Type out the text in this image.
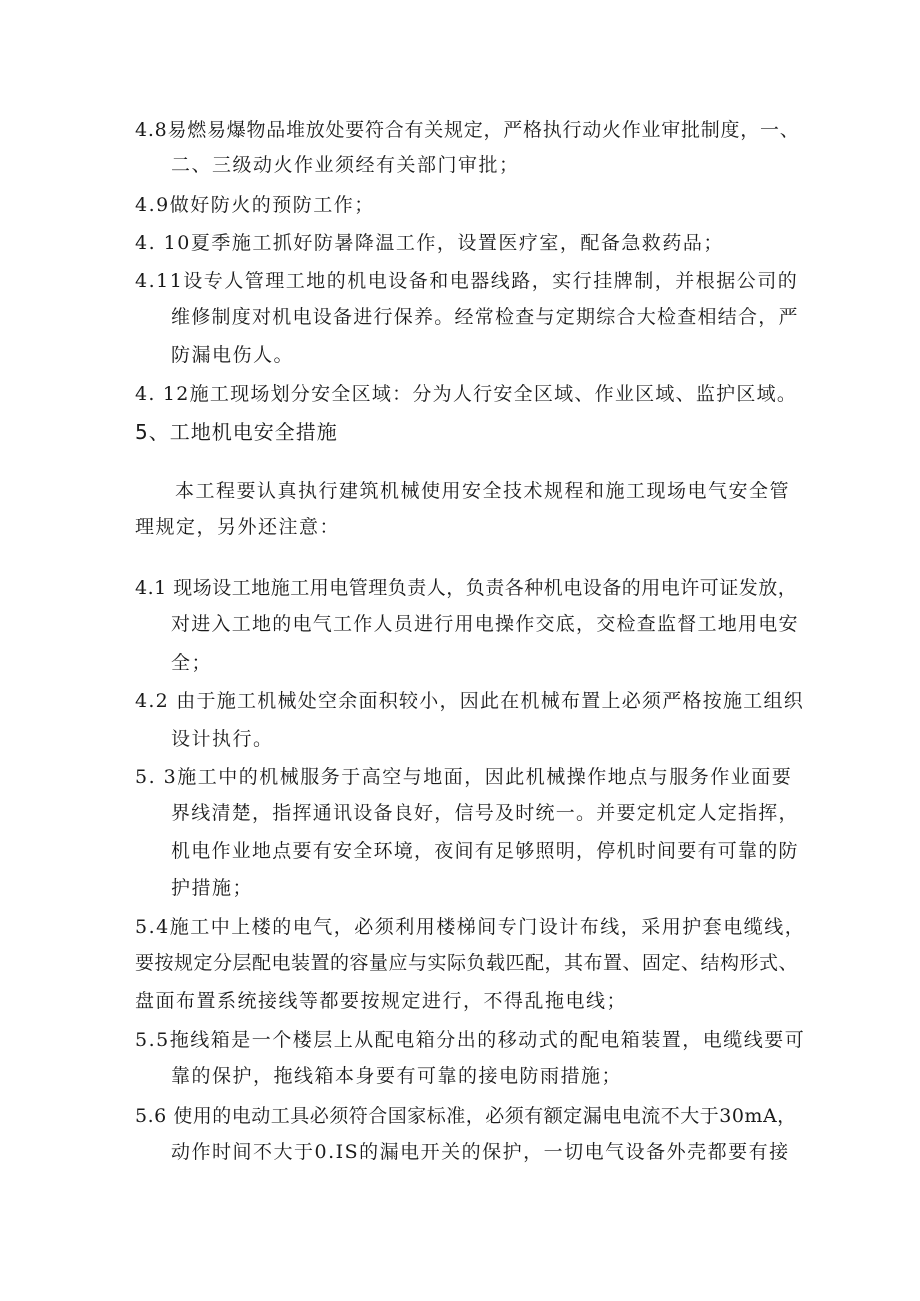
4.8易燃易爆物品堆放处要符合有关规定，严格执行动火作业审批制度，一、
二、三级动火作业须经有关部门审批；
4.9做好防火的预防工作；
4. 10夏季施工抓好防暑降温工作，设置医疗室，配备急救药品；
4.11设专人管理工地的机电设备和电器线路，实行挂牌制，并根据公司的
维修制度对机电设备进行保养。经常检查与定期综合大检查相结合，严
防漏电伤人。
4. 12施工现场划分安全区域：分为人行安全区域、作业区域、监护区域。
5、工地机电安全措施
本工程要认真执行建筑机械使用安全技术规程和施工现场电气安全管
理规定，另外还注意：
4.1 现场设工地施工用电管理负责人，负责各种机电设备的用电许可证发放，
对进入工地的电气工作人员进行用电操作交底，交检查监督工地用电安
全；
4.2 由于施工机械处空余面积较小，因此在机械布置上必须严格按施工组织
设计执行。
5. 3施工中的机械服务于高空与地面，因此机械操作地点与服务作业面要
界线清楚，指挥通讯设备良好，信号及时统一。并要定机定人定指挥，
机电作业地点要有安全环境，夜间有足够照明，停机时间要有可靠的防
护措施；
5.4施工中上楼的电气，必须利用楼梯间专门设计布线，采用护套电缆线，
要按规定分层配电装置的容量应与实际负载匹配，其布置、固定、结构形式、
盘面布置系统接线等都要按规定进行，不得乱拖电线；
5.5拖线箱是一个楼层上从配电箱分出的移动式的配电箱装置，电缆线要可
靠的保护，拖线箱本身要有可靠的接电防雨措施；
5.6 使用的电动工具必须符合国家标准，必须有额定漏电电流不大于30mA，
动作时间不大于0.IS的漏电开关的保护，一切电气设备外壳都要有接
